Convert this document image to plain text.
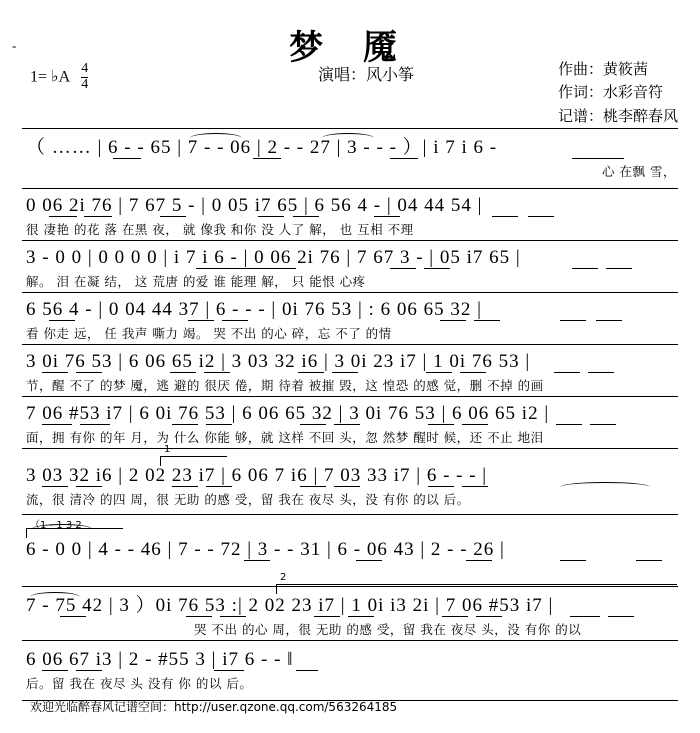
-	梦 魇
1= ♭A $\frac{4}{4}$	演唱：风小筝	作曲：黄筱茜
作词：水彩音符
记谱：桃李醉春风
（ …… | 6 - - 65 | 7 - - 06 | 2 - - 27 | 3 - - - ）| i 7 i 6 -
心 在飘 雪，
0 06 2i 76 | 7 67 5 - | 0 05 i7 65 | 6 56 4 - | 04 44 54 |
很 凄艳 的花 落 在黑 夜， 就 像我 和你 没 人了 解， 也 互相 不理
3 - 0 0 | 0 0 0 0 | i 7 i 6 - | 0 06 2i 76 | 7 67 3 - | 05 i7 65 |
解。 泪 在凝 结， 这 荒唐 的爱 谁 能理 解， 只 能恨 心疼
6 56 4 - | 0 04 44 37 | 6 - - - | 0i 76 53 | : 6 06 65 32 |
看 你走 远， 任 我声 嘶力 竭。 哭 不出 的心 碎，忘 不了 的情
3 0i 76 53 | 6 06 65 i2 | 3 03 32 i6 | 3 0i 23 i7 | 1 0i 76 53 |
节，醒 不了 的梦 魇，逃 避的 很厌 倦，期 待着 被摧 毁，这 惶恐 的感 觉，删 不掉 的画
7 06 #53 i7 | 6 0i 76 53 | 6 06 65 32 | 3 0i 76 53 | 6 06 65 i2 |
面，拥 有你 的年 月，为 什么 你能 够，就 这样 不回 头，忽 然梦 醒时 候，还 不止 地泪
3 03 32 i6 | 2 02 23 i7 | 6 06 7 i6 | 7 03 33 i7 | 6 - - - |
流，很 清冷 的四 周，很 无助 的感 受，留 我在 夜尽 头，没 有你 的以 后。
1
6 - 0 0 | 4 - - 46 | 7 - - 72 | 3 - - 31 | 6 - 06 43 | 2 - - 26 |
（1 - 1 3 2
7 - 75 42 | 3 ）0i 76 53 :| 2 02 23 i7 | 1 0i i3 2i | 7 06 #53 i7 |
哭 不出 的心 周，很 无助 的感 受，留 我在 夜尽 头，没 有你 的以
2
6 06 67 i3 | 2 - #55 3 | i7 6 - - ‖
后。留 我在 夜尽 头 没有 你 的以 后。
欢迎光临醉春风记谱空间：http://user.qzone.qq.com/563264185
